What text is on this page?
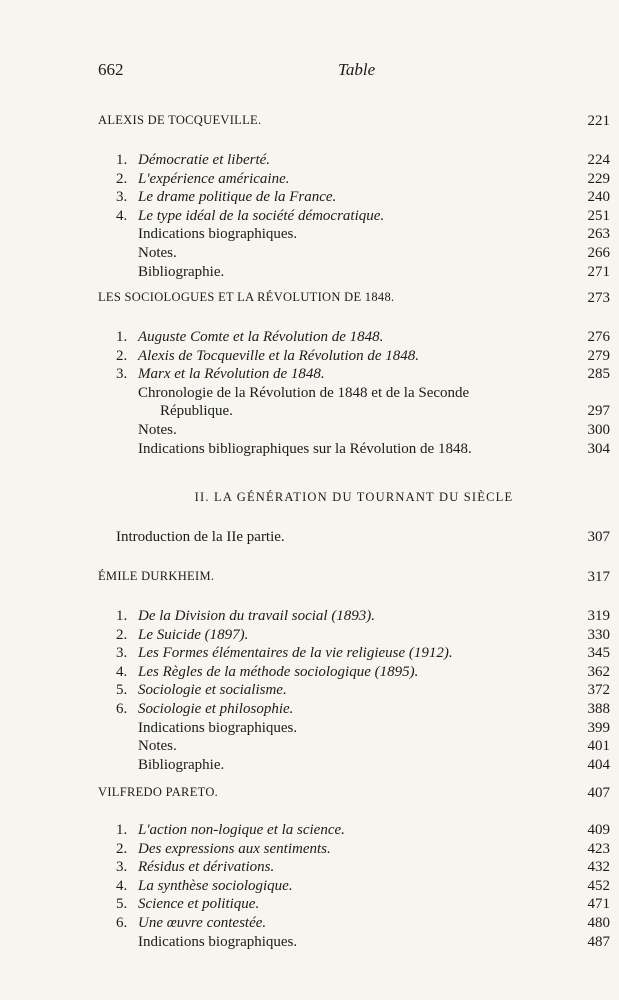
662	Table
ALEXIS DE TOCQUEVILLE.	221
1. Démocratie et liberté.	224
2. L'expérience américaine.	229
3. Le drame politique de la France.	240
4. Le type idéal de la société démocratique.	251
Indications biographiques.	263
Notes.	266
Bibliographie.	271
LES SOCIOLOGUES ET LA RÉVOLUTION DE 1848.	273
1. Auguste Comte et la Révolution de 1848.	276
2. Alexis de Tocqueville et la Révolution de 1848.	279
3. Marx et la Révolution de 1848.	285
Chronologie de la Révolution de 1848 et de la Seconde
République.	297
Notes.	300
Indications bibliographiques sur la Révolution de 1848.	304
II. LA GÉNÉRATION DU TOURNANT DU SIÈCLE
Introduction de la IIe partie.	307
ÉMILE DURKHEIM.	317
1. De la Division du travail social (1893).	319
2. Le Suicide (1897).	330
3. Les Formes élémentaires de la vie religieuse (1912).	345
4. Les Règles de la méthode sociologique (1895).	362
5. Sociologie et socialisme.	372
6. Sociologie et philosophie.	388
Indications biographiques.	399
Notes.	401
Bibliographie.	404
VILFREDO PARETO.	407
1. L'action non-logique et la science.	409
2. Des expressions aux sentiments.	423
3. Résidus et dérivations.	432
4. La synthèse sociologique.	452
5. Science et politique.	471
6. Une œuvre contestée.	480
Indications biographiques.	487
